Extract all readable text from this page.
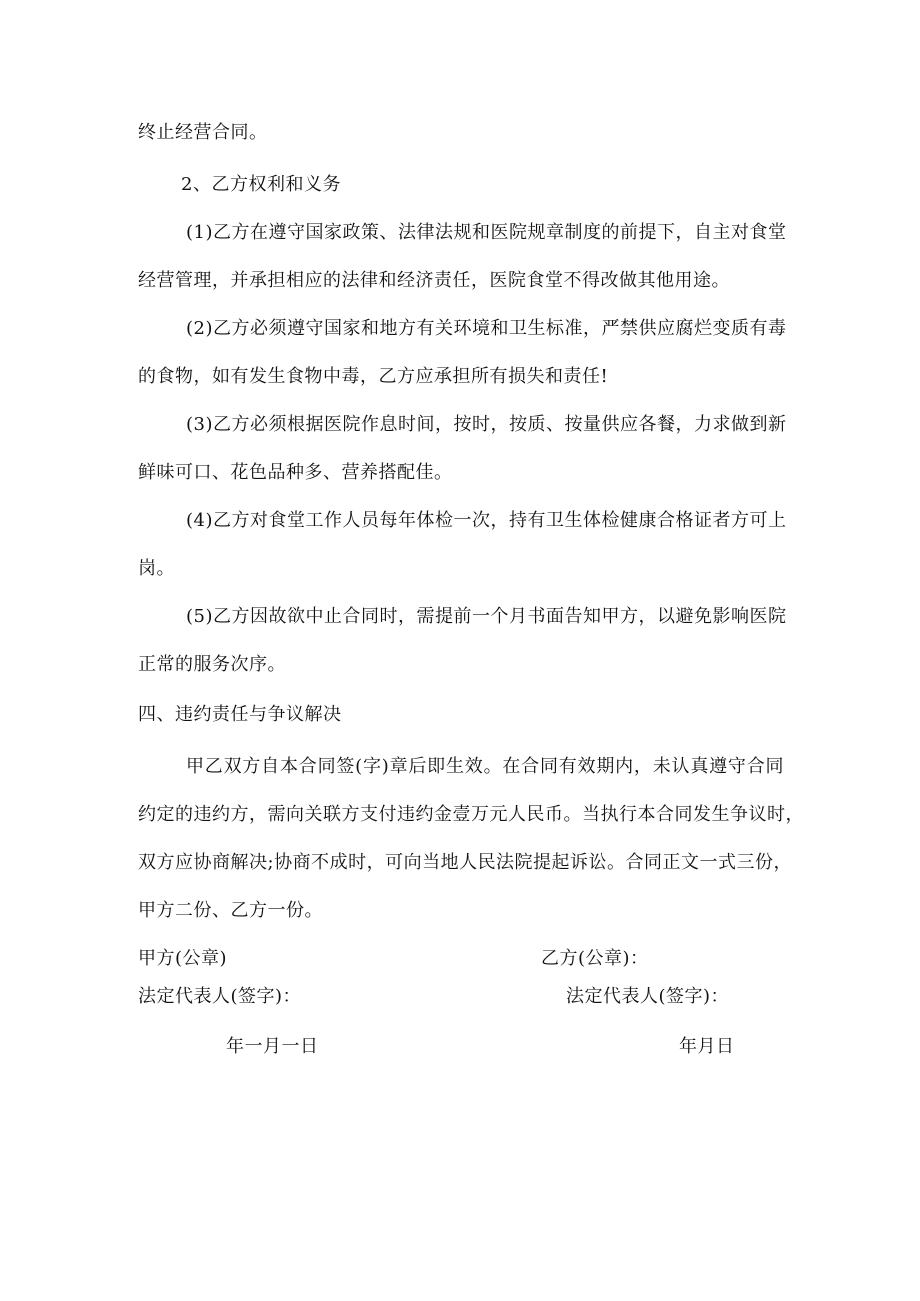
终止经营合同。
2、乙方权利和义务
(1)乙方在遵守国家政策、法律法规和医院规章制度的前提下，自主对食堂
经营管理，并承担相应的法律和经济责任，医院食堂不得改做其他用途。
(2)乙方必须遵守国家和地方有关环境和卫生标准，严禁供应腐烂变质有毒
的食物，如有发生食物中毒，乙方应承担所有损失和责任!
(3)乙方必须根据医院作息时间，按时，按质、按量供应各餐，力求做到新
鲜味可口、花色品种多、营养搭配佳。
(4)乙方对食堂工作人员每年体检一次，持有卫生体检健康合格证者方可上
岗。
(5)乙方因故欲中止合同时，需提前一个月书面告知甲方，以避免影响医院
正常的服务次序。
四、违约责任与争议解决
甲乙双方自本合同签(字)章后即生效。在合同有效期内，未认真遵守合同
约定的违约方，需向关联方支付违约金壹万元人民币。当执行本合同发生争议时，
双方应协商解决;协商不成时，可向当地人民法院提起诉讼。合同正文一式三份，
甲方二份、乙方一份。
甲方(公章)	乙方(公章)：
法定代表人(签字)：	法定代表人(签字)：
年一月一日	年月日
